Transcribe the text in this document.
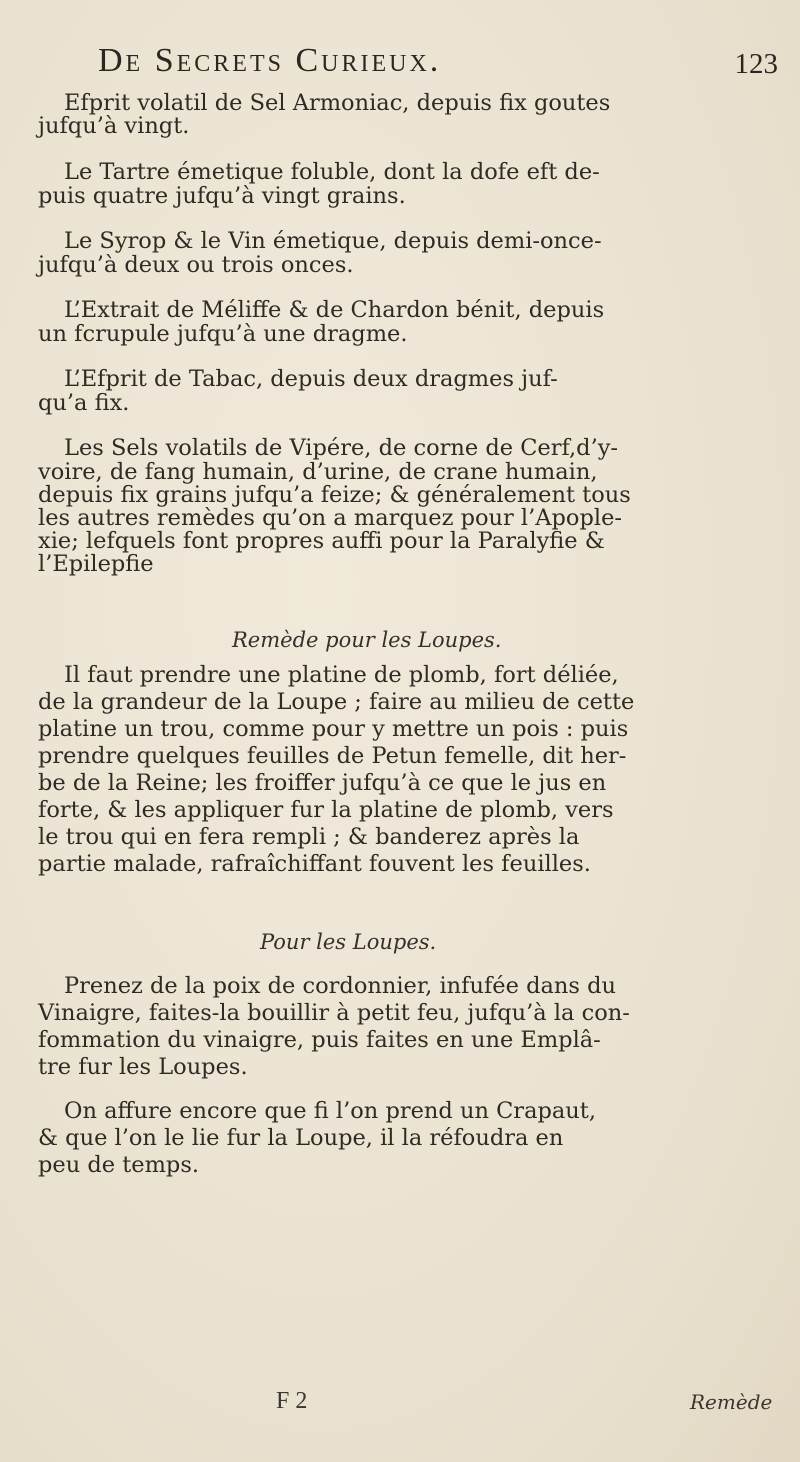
De Secrets Curieux.	123
Efprit volatil de Sel Armoniac, depuis fix goutes
jufqu’à vingt.
Le Tartre émetique foluble, dont la dofe eft de-
puis quatre jufqu’à vingt grains.
Le Syrop & le Vin émetique, depuis demi-once-
jufqu’à deux ou trois onces.
L’Extrait de Méliffe & de Chardon bénit, depuis
un fcrupule jufqu’à une dragme.
L’Efprit de Tabac, depuis deux dragmes juf-
qu’a fix.
Les Sels volatils de Vipére, de corne de Cerf,d’y-
voire, de fang humain, d’urine, de crane humain,
depuis fix grains jufqu’a feize; & généralement tous
les autres remèdes qu’on a marquez pour l’Apople-
xie; lefquels font propres auffi pour la Paralyfie &
l’Epilepfie
Remède pour les Loupes.
Il faut prendre une platine de plomb, fort déliée,
de la grandeur de la Loupe ; faire au milieu de cette
platine un trou, comme pour y mettre un pois : puis
prendre quelques feuilles de Petun femelle, dit her-
be de la Reine; les froiffer jufqu’à ce que le jus en
forte, & les appliquer fur la platine de plomb, vers
le trou qui en fera rempli ; & banderez après la
partie malade, rafraîchiffant fouvent les feuilles.
Pour les Loupes.
Prenez de la poix de cordonnier, infufée dans du
Vinaigre, faites-la bouillir à petit feu, jufqu’à la con-
fommation du vinaigre, puis faites en une Emplâ-
tre fur les Loupes.
On affure encore que fi l’on prend un Crapaut,
& que l’on le lie fur la Loupe, il la réfoudra en
peu de temps.
F 2	Remède
